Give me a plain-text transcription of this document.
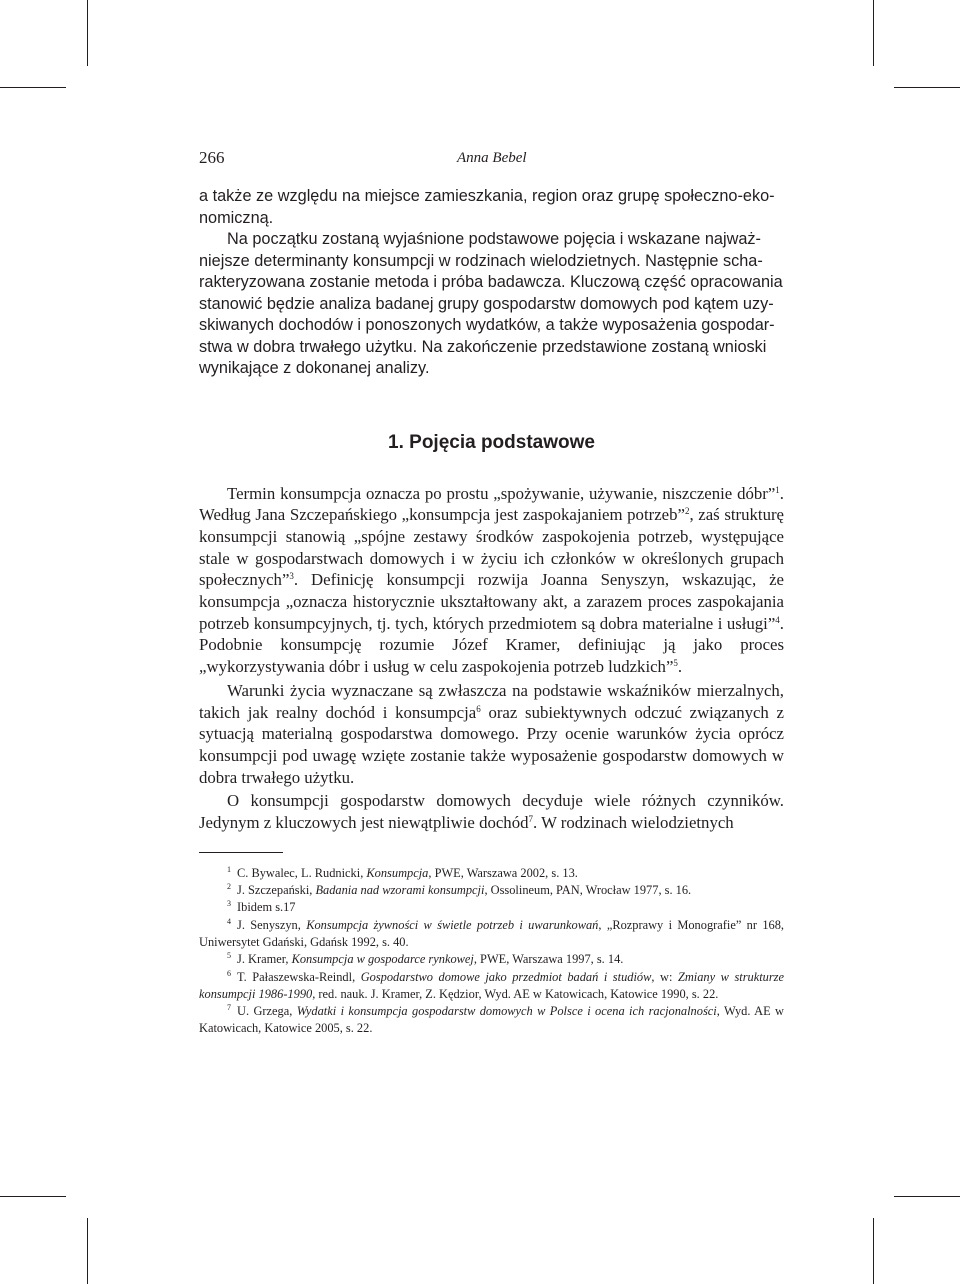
266	Anna Bebel
a także ze względu na miejsce zamieszkania, region oraz grupę społeczno-eko-
nomiczną.
Na początku zostaną wyjaśnione podstawowe pojęcia i wskazane najważ-
niejsze determinanty konsumpcji w rodzinach wielodzietnych. Następnie scha-
rakteryzowana zostanie metoda i próba badawcza. Kluczową część opracowania
stanowić będzie analiza badanej grupy gospodarstw domowych pod kątem uzy-
skiwanych dochodów i ponoszonych wydatków, a także wyposażenia gospodar-
stwa w dobra trwałego użytku. Na zakończenie przedstawione zostaną wnioski
wynikające z dokonanej analizy.
1. Pojęcia podstawowe

Termin konsumpcja oznacza po prostu „spożywanie, używanie, niszczenie dóbr”$^1$. Według Jana Szczepańskiego „konsumpcja jest zaspokajaniem potrzeb”$^2$, zaś strukturę konsumpcji stanowią „spójne zestawy środków zaspokojenia potrzeb, występujące stale w gospodarstwach domowych i w życiu ich członków w określonych grupach społecznych”$^3$. Definicję konsumpcji rozwija Joanna Senyszyn, wskazując, że konsumpcja „oznacza historycznie ukształtowany akt, a zarazem proces zaspokajania potrzeb konsumpcyjnych, tj. tych, których przedmiotem są dobra materialne i usługi”$^4$. Podobnie konsumpcję rozumie Józef Kramer, definiując ją jako proces „wykorzystywania dóbr i usług w celu zaspokojenia potrzeb ludzkich”$^5$.

Warunki życia wyznaczane są zwłaszcza na podstawie wskaźników mierzalnych, takich jak realny dochód i konsumpcja$^6$ oraz subiektywnych odczuć związanych z sytuacją materialną gospodarstwa domowego. Przy ocenie warunków życia oprócz konsumpcji pod uwagę wzięte zostanie także wyposażenie gospodarstw domowych w dobra trwałego użytku.

O konsumpcji gospodarstw domowych decyduje wiele różnych czynników. Jedynym z kluczowych jest niewątpliwie dochód$^7$. W rodzinach wielodzietnych

$^1$ C. Bywalec, L. Rudnicki, Konsumpcja, PWE, Warszawa 2002, s. 13.
$^2$ J. Szczepański, Badania nad wzorami konsumpcji, Ossolineum, PAN, Wrocław 1977, s. 16.
$^3$ Ibidem s.17
$^4$ J. Senyszyn, Konsumpcja żywności w świetle potrzeb i uwarunkowań, „Rozprawy i Monografie” nr 168, Uniwersytet Gdański, Gdańsk 1992, s. 40.
$^5$ J. Kramer, Konsumpcja w gospodarce rynkowej, PWE, Warszawa 1997, s. 14.
$^6$ T. Pałaszewska-Reindl, Gospodarstwo domowe jako przedmiot badań i studiów, w: Zmiany w strukturze konsumpcji 1986-1990, red. nauk. J. Kramer, Z. Kędzior, Wyd. AE w Katowicach, Katowice 1990, s. 22.
$^7$ U. Grzega, Wydatki i konsumpcja gospodarstw domowych w Polsce i ocena ich racjonalności, Wyd. AE w Katowicach, Katowice 2005, s. 22.
